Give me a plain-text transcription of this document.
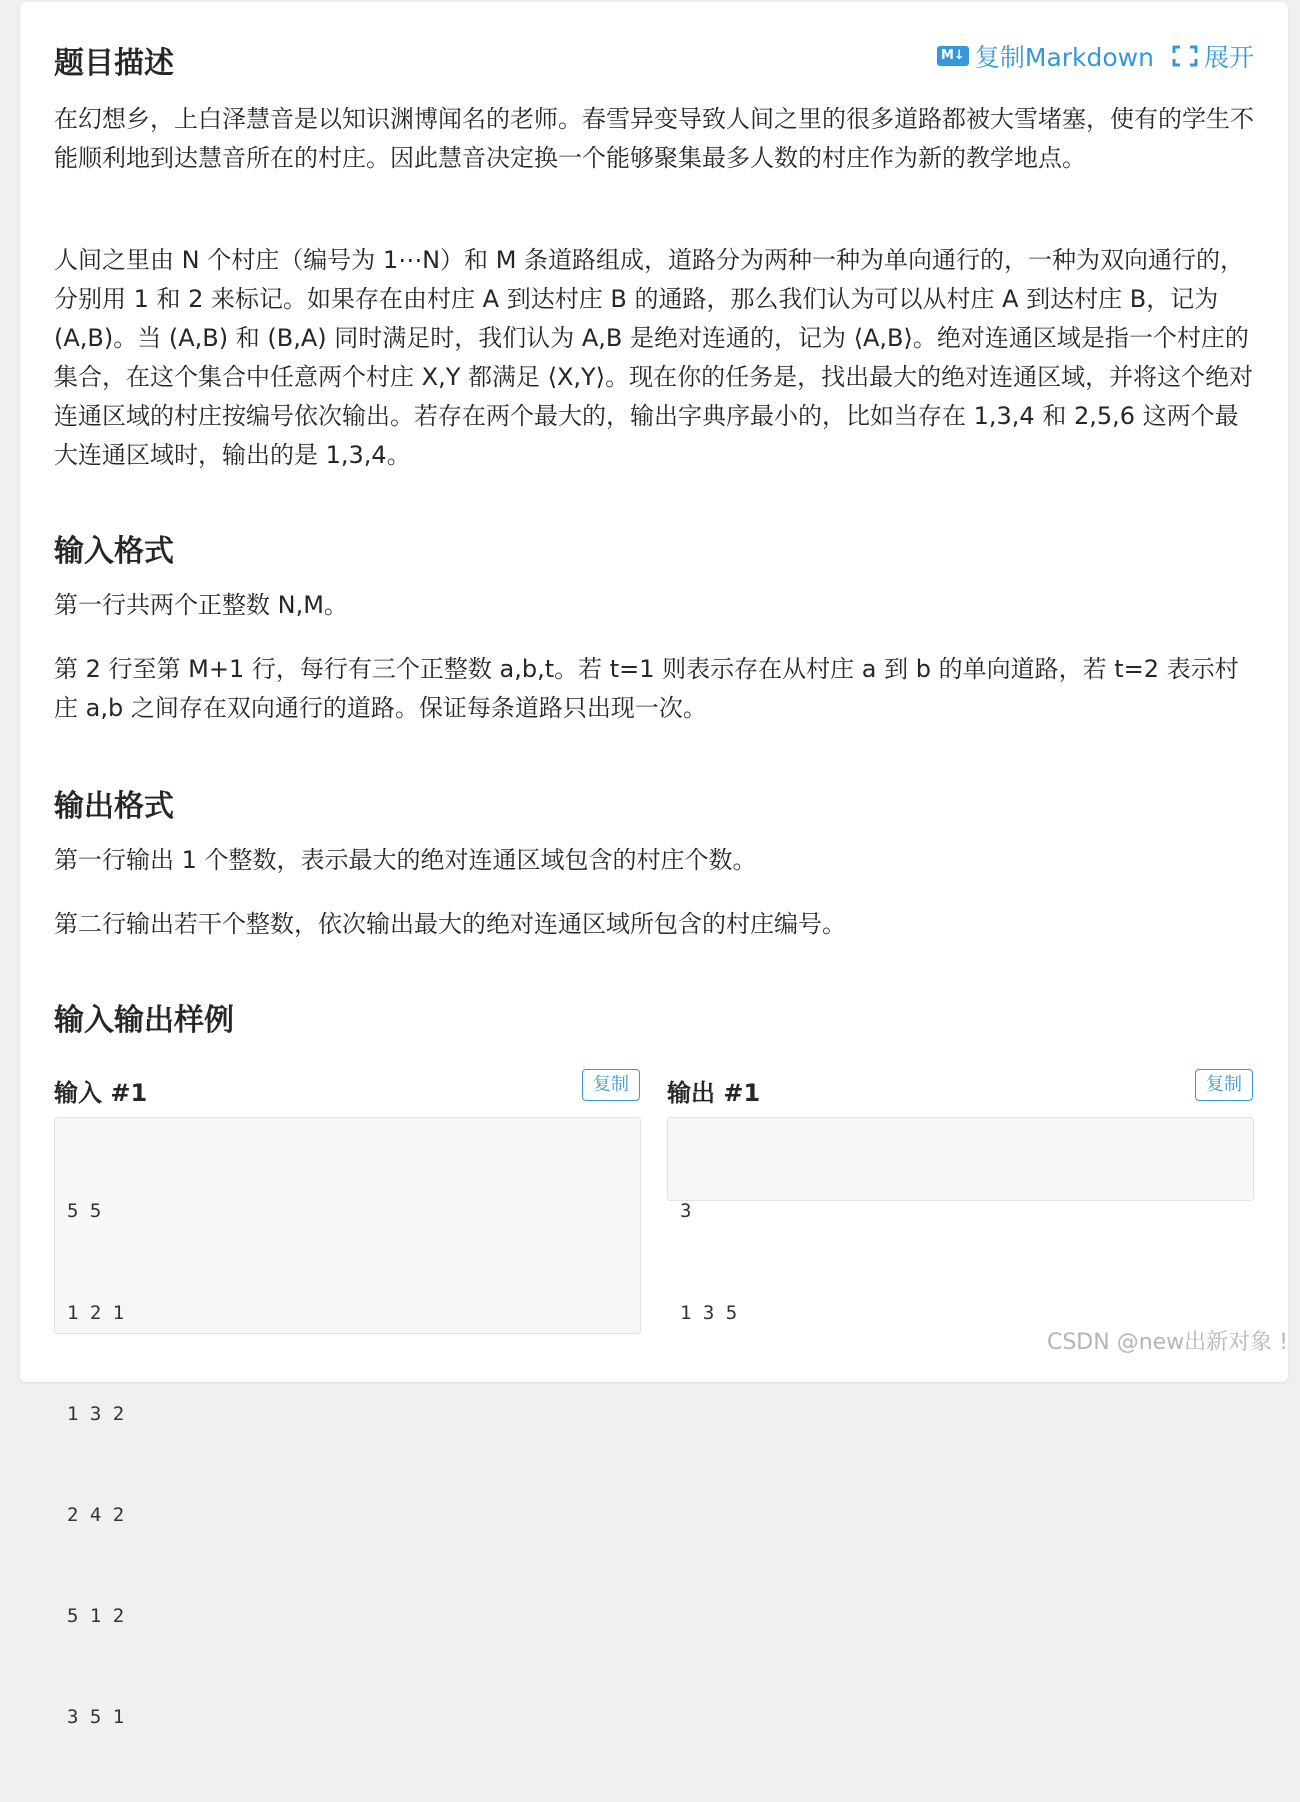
M↓ 复制Markdown 展开
题目描述

在幻想乡，上白泽慧音是以知识渊博闻名的老师。春雪异变导致人间之里的很多道路都被大雪堵塞，使有的学生不能顺利地到达慧音所在的村庄。因此慧音决定换一个能够聚集最多人数的村庄作为新的教学地点。

人间之里由 N 个村庄（编号为 1⋯N）和 M 条道路组成，道路分为两种一种为单向通行的，一种为双向通行的，分别用 1 和 2 来标记。如果存在由村庄 A 到达村庄 B 的通路，那么我们认为可以从村庄 A 到达村庄 B，记为 (A,B)。当 (A,B) 和 (B,A) 同时满足时，我们认为 A,B 是绝对连通的，记为 ⟨A,B⟩。绝对连通区域是指一个村庄的集合，在这个集合中任意两个村庄 X,Y 都满足 ⟨X,Y⟩。现在你的任务是，找出最大的绝对连通区域，并将这个绝对连通区域的村庄按编号依次输出。若存在两个最大的，输出字典序最小的，比如当存在 1,3,4 和 2,5,6 这两个最大连通区域时，输出的是 1,3,4。

输入格式

第一行共两个正整数 N,M。

第 2 行至第 M+1 行，每行有三个正整数 a,b,t。若 t=1 则表示存在从村庄 a 到 b 的单向道路，若 t=2 表示村庄 a,b 之间存在双向通行的道路。保证每条道路只出现一次。

输出格式

第一行输出 1 个整数，表示最大的绝对连通区域包含的村庄个数。

第二行输出若干个整数，依次输出最大的绝对连通区域所包含的村庄编号。

输入输出样例
输入 #1	复制

5 5

1 2 1

1 3 2

2 4 2

5 1 2

3 5 1

输出 #1	复制

3

1 3 5

CSDN @new出新对象 !
